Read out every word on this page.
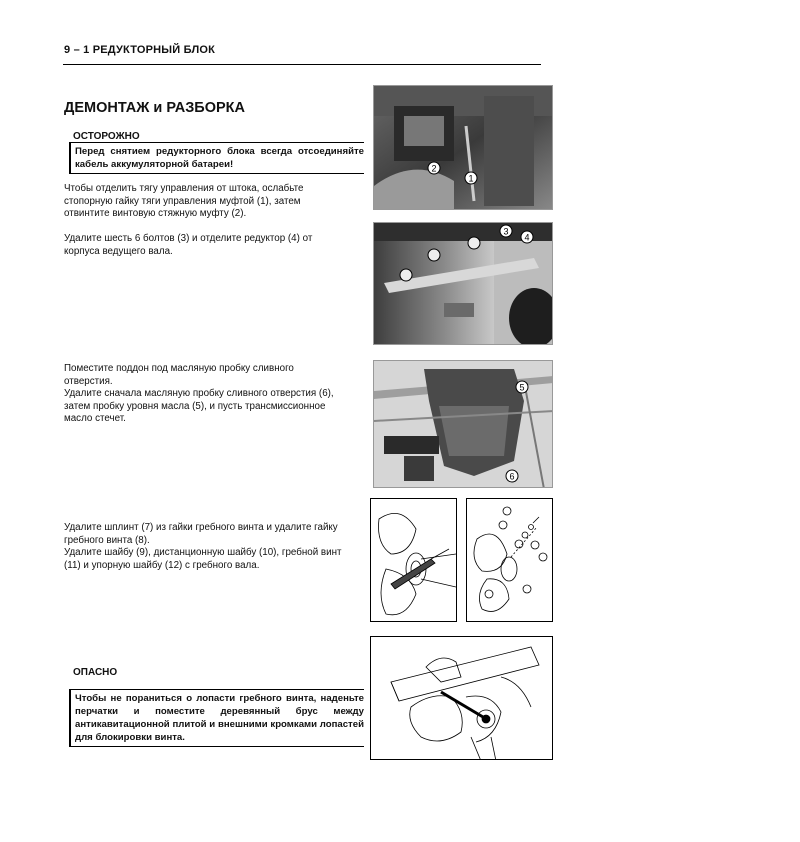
9 – 1 РЕДУКТОРНЫЙ БЛОК
ДЕМОНТАЖ и РАЗБОРКА
ОСТОРОЖНО
Перед снятием редукторного блока всегда отсоединяйте кабель аккумуляторной батареи!
Чтобы отделить тягу управления от штока, ослабьте
стопорную гайку тяги управления муфтой (1), затем
отвинтите винтовую стяжную муфту (2).
Удалите шесть 6 болтов (3) и отделите редуктор (4) от
корпуса ведущего вала.
Поместите поддон под масляную пробку сливного
отверстия.
Удалите сначала масляную пробку сливного отверстия (6),
затем пробку уровня масла (5), и пусть трансмиссионное
масло стечет.
Удалите шплинт (7) из гайки гребного винта и удалите гайку
гребного винта (8).
Удалите шайбу (9), дистанционную шайбу (10), гребной винт
(11) и упорную шайбу (12) с гребного вала.
ОПАСНО
Чтобы не пораниться о лопасти гребного винта, наденьте перчатки и поместите деревянный брус между антикавитационной плитой и внешними кромками лопастей для блокировки винта.
2
1
3
4
5
6
